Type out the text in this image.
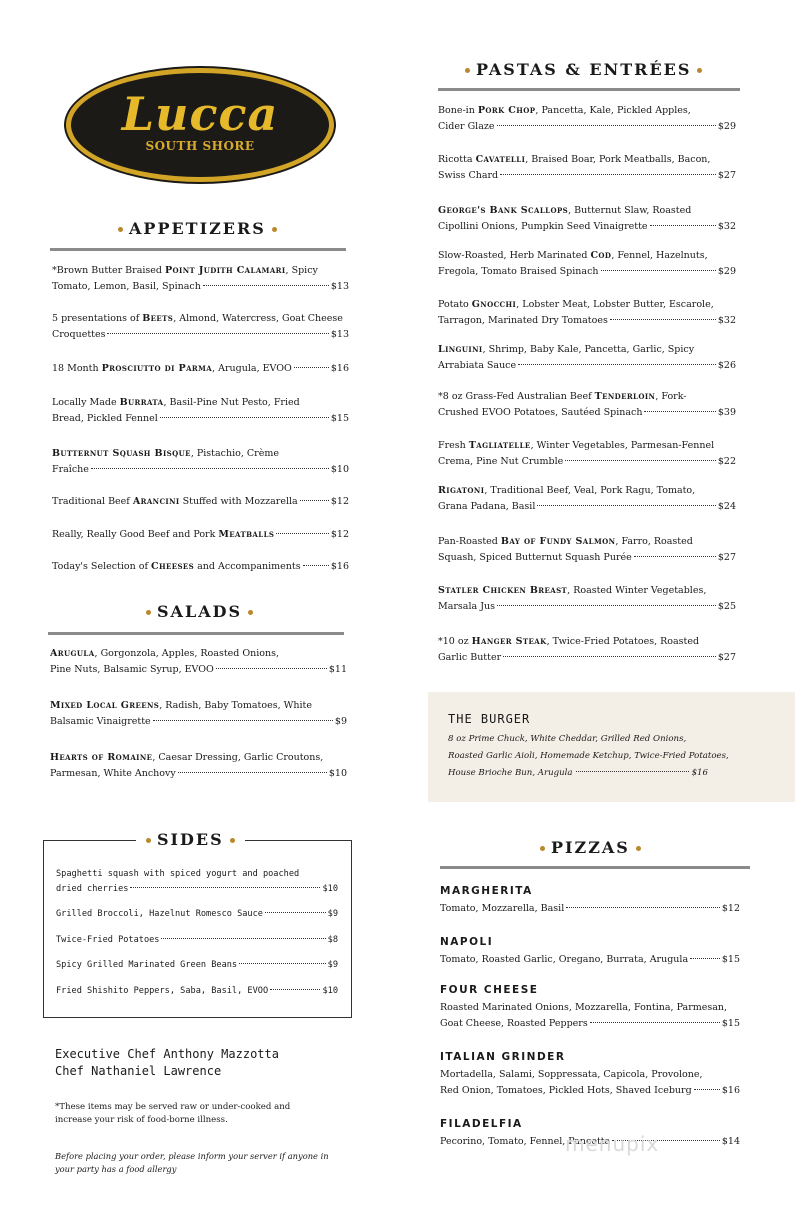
Lucca
SOUTH SHORE
APPETIZERS
*Brown Butter Braised Point Judith Calamari, Spicy
Tomato, Lemon, Basil, Spinach	$13
5 presentations of Beets, Almond, Watercress, Goat Cheese
Croquettes	$13
18 Month Prosciutto di Parma, Arugula, EVOO	$16
Locally Made Burrata, Basil-Pine Nut Pesto, Fried
Bread, Pickled Fennel	$15
Butternut Squash Bisque, Pistachio, Crème
Fraîche	$10
Traditional Beef Arancini Stuffed with Mozzarella	$12
Really, Really Good Beef and Pork Meatballs	$12
Today's Selection of Cheeses and Accompaniments	$16
SALADS
Arugula, Gorgonzola, Apples, Roasted Onions,
Pine Nuts, Balsamic Syrup, EVOO	$11
Mixed Local Greens, Radish, Baby Tomatoes, White
Balsamic Vinaigrette	$9
Hearts of Romaine, Caesar Dressing, Garlic Croutons,
Parmesan, White Anchovy	$10
SIDES
Spaghetti squash with spiced yogurt and poached
dried cherries	$10
Grilled Broccoli, Hazelnut Romesco Sauce	$9
Twice-Fried Potatoes	$8
Spicy Grilled Marinated Green Beans	$9
Fried Shishito Peppers, Saba, Basil, EVOO	$10
Executive Chef Anthony Mazzotta
Chef Nathaniel Lawrence
*These items may be served raw or under-cooked and
increase your risk of food-borne illness.
Before placing your order, please inform your server if anyone in
your party has a food allergy
PASTAS & ENTRÉES
Bone-in Pork Chop, Pancetta, Kale, Pickled Apples,
Cider Glaze	$29
Ricotta Cavatelli, Braised Boar, Pork Meatballs, Bacon,
Swiss Chard	$27
George's Bank Scallops, Butternut Slaw, Roasted
Cipollini Onions, Pumpkin Seed Vinaigrette	$32
Slow-Roasted, Herb Marinated Cod, Fennel, Hazelnuts,
Fregola, Tomato Braised Spinach	$29
Potato Gnocchi, Lobster Meat, Lobster Butter, Escarole,
Tarragon, Marinated Dry Tomatoes	$32
Linguini, Shrimp, Baby Kale, Pancetta, Garlic, Spicy
Arrabiata Sauce	$26
*8 oz Grass-Fed Australian Beef Tenderloin, Fork-
Crushed EVOO Potatoes, Sautéed Spinach	$39
Fresh Tagliatelle, Winter Vegetables, Parmesan-Fennel
Crema, Pine Nut Crumble	$22
Rigatoni, Traditional Beef, Veal, Pork Ragu, Tomato,
Grana Padana, Basil	$24
Pan-Roasted Bay of Fundy Salmon, Farro, Roasted
Squash, Spiced Butternut Squash Purée	$27
Statler Chicken Breast, Roasted Winter Vegetables,
Marsala Jus	$25
*10 oz Hanger Steak, Twice-Fried Potatoes, Roasted
Garlic Butter	$27
THE BURGER
8 oz Prime Chuck, White Cheddar, Grilled Red Onions,
Roasted Garlic Aioli, Homemade Ketchup, Twice-Fried Potatoes,
House Brioche Bun, Arugula	$16
PIZZAS
MARGHERITA
Tomato, Mozzarella, Basil	$12
NAPOLI
Tomato, Roasted Garlic, Oregano, Burrata, Arugula	$15
FOUR CHEESE
Roasted Marinated Onions, Mozzarella, Fontina, Parmesan,
Goat Cheese, Roasted Peppers	$15
ITALIAN GRINDER
Mortadella, Salami, Soppressata, Capicola, Provolone,
Red Onion, Tomatoes, Pickled Hots, Shaved Iceburg	$16
FILADELFIA
Pecorino, Tomato, Fennel, Pancetta	$14
menupix
